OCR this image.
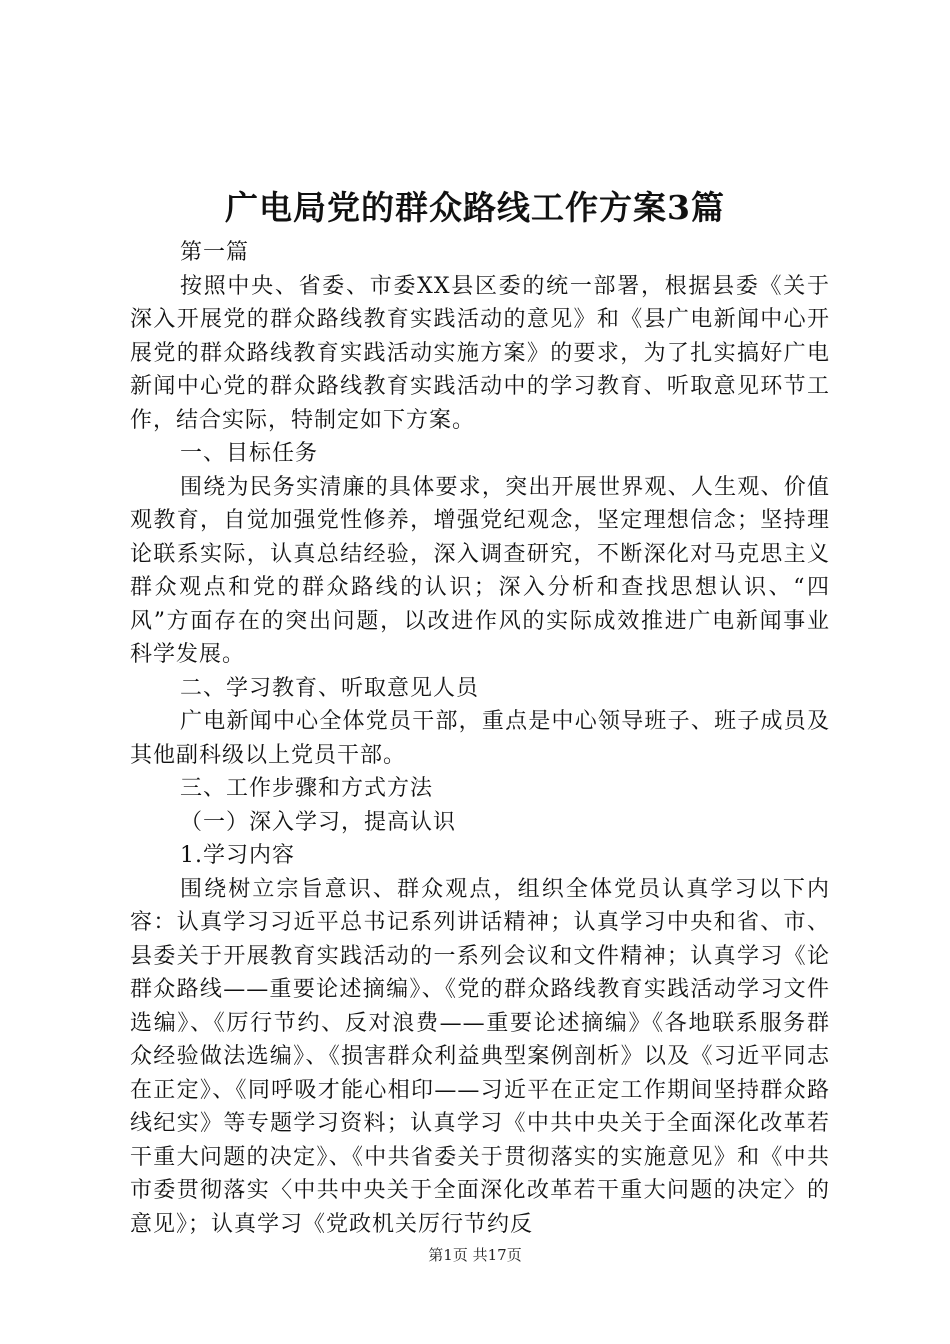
广电局党的群众路线工作方案3篇

第一篇

按照中央、省委、市委XX县区委的统一部署，根据县委《关于深入开展党的群众路线教育实践活动的意见》和《县广电新闻中心开展党的群众路线教育实践活动实施方案》的要求，为了扎实搞好广电新闻中心党的群众路线教育实践活动中的学习教育、听取意见环节工作，结合实际，特制定如下方案。

一、目标任务

围绕为民务实清廉的具体要求，突出开展世界观、人生观、价值观教育，自觉加强党性修养，增强党纪观念，坚定理想信念；坚持理论联系实际，认真总结经验，深入调查研究，不断深化对马克思主义群众观点和党的群众路线的认识；深入分析和查找思想认识、“四风”方面存在的突出问题，以改进作风的实际成效推进广电新闻事业科学发展。

二、学习教育、听取意见人员

广电新闻中心全体党员干部，重点是中心领导班子、班子成员及其他副科级以上党员干部。

三、工作步骤和方式方法

（一）深入学习，提高认识

1.学习内容

围绕树立宗旨意识、群众观点，组织全体党员认真学习以下内容：认真学习习近平总书记系列讲话精神；认真学习中央和省、市、县委关于开展教育实践活动的一系列会议和文件精神；认真学习《论群众路线——重要论述摘编》、《党的群众路线教育实践活动学习文件选编》、《厉行节约、反对浪费——重要论述摘编》《各地联系服务群众经验做法选编》、《损害群众利益典型案例剖析》以及《习近平同志在正定》、《同呼吸才能心相印——习近平在正定工作期间坚持群众路线纪实》等专题学习资料；认真学习《中共中央关于全面深化改革若干重大问题的决定》、《中共省委关于贯彻落实的实施意见》和《中共市委贯彻落实〈中共中央关于全面深化改革若干重大问题的决定〉的意见》；认真学习《党政机关厉行节约反

第1页 共17页
